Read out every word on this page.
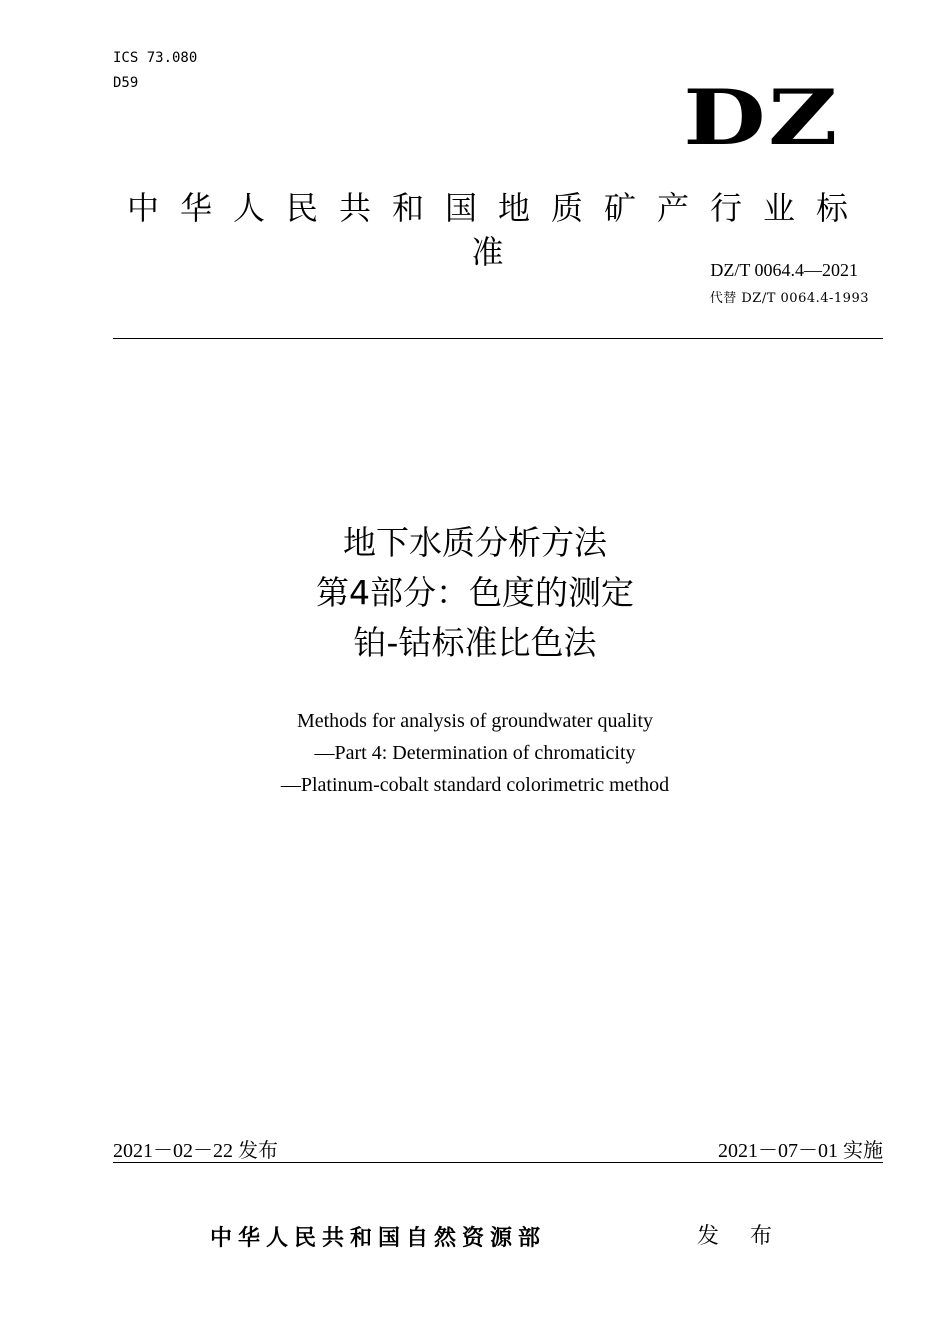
ICS 73.080
D59	DZ
中华人民共和国地质矿产行业标准	DZ/T 0064.4—2021
代替 DZ/T 0064.4-1993
地下水质分析方法
第4部分：色度的测定
铂-钴标准比色法
Methods for analysis of groundwater quality
—Part 4: Determination of chromaticity
—Platinum-cobalt standard colorimetric method
2021－02－22 发布	2021－07－01 实施
中华人民共和国自然资源部	发 布
